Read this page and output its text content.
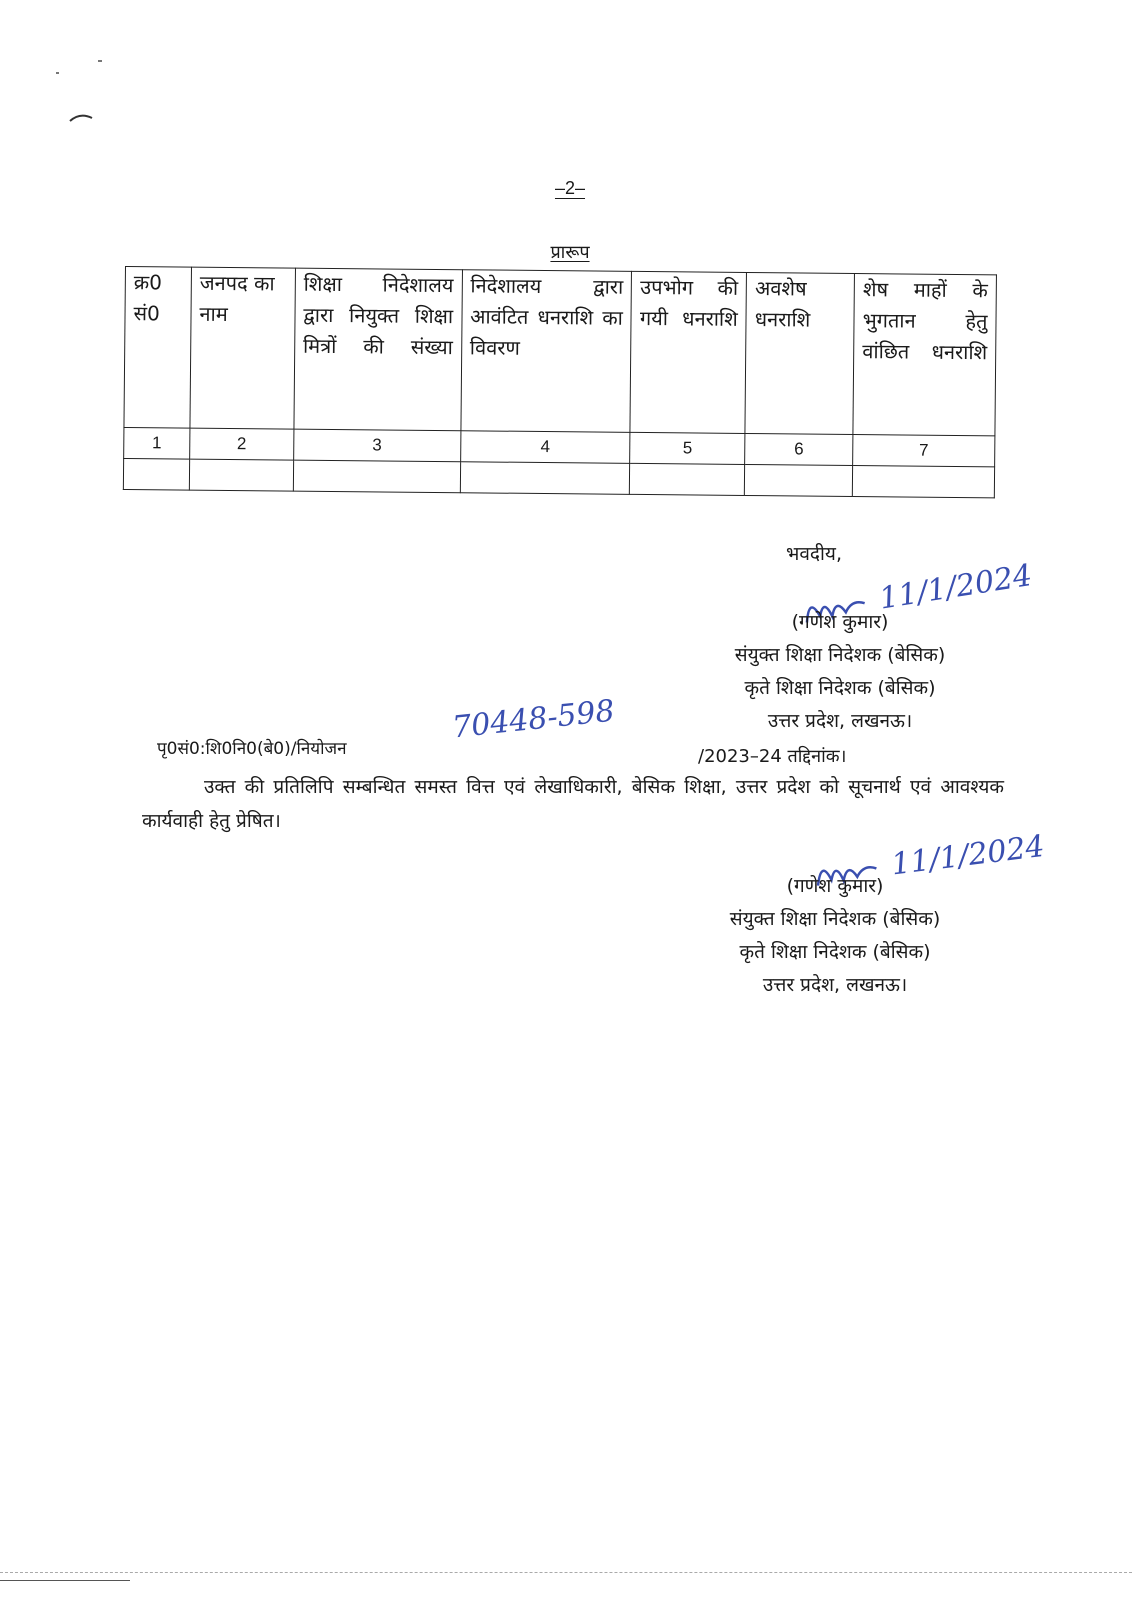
–2–
प्रारूप
क्र0 सं0	जनपद का नाम	शिक्षा निदेशालय द्वारा नियुक्त शिक्षा मित्रों की संख्या	निदेशालय द्वारा आवंटित धनराशि का विवरण	उपभोग की गयी धनराशि	अवशेष धनराशि	शेष माहों के भुगतान हेतु वांछित धनराशि
1	2	3	4	5	6	7

भवदीय,
11/1/2024
(गणेश कुमार)
संयुक्त शिक्षा निदेशक (बेसिक)
कृते शिक्षा निदेशक (बेसिक)
उत्तर प्रदेश, लखनऊ।
पृ0सं0:शि0नि0(बे0)/नियोजन
70448-598
/2023–24 तद्दिनांक।
उक्त की प्रतिलिपि सम्बन्धित समस्त वित्त एवं लेखाधिकारी, बेसिक शिक्षा, उत्तर प्रदेश को सूचनार्थ एवं आवश्यक कार्यवाही हेतु प्रेषित।
11/1/2024
(गणेश कुमार)
संयुक्त शिक्षा निदेशक (बेसिक)
कृते शिक्षा निदेशक (बेसिक)
उत्तर प्रदेश, लखनऊ।
